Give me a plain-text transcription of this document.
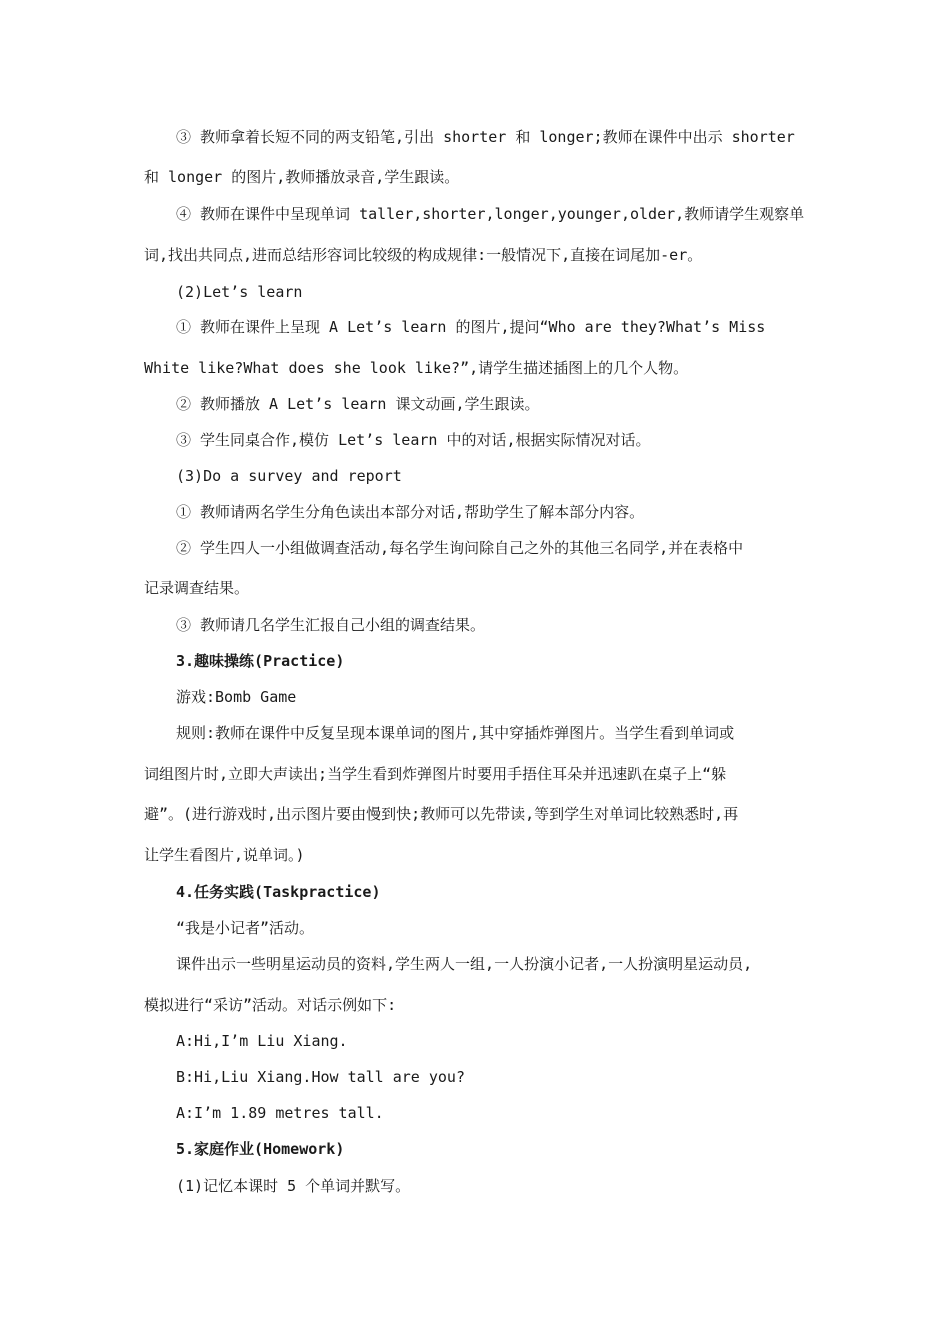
③ 教师拿着长短不同的两支铅笔,引出 shorter 和 longer;教师在课件中出示 shorter
和 longer 的图片,教师播放录音,学生跟读。
④ 教师在课件中呈现单词 taller,shorter,longer,younger,older,教师请学生观察单
词,找出共同点,进而总结形容词比较级的构成规律:一般情况下,直接在词尾加-er。
(2)Let’s learn
① 教师在课件上呈现 A Let’s learn 的图片,提问“Who are they?What’s Miss
White like?What does she look like?”,请学生描述插图上的几个人物。
② 教师播放 A Let’s learn 课文动画,学生跟读。
③ 学生同桌合作,模仿 Let’s learn 中的对话,根据实际情况对话。
(3)Do a survey and report
① 教师请两名学生分角色读出本部分对话,帮助学生了解本部分内容。
② 学生四人一小组做调查活动,每名学生询问除自己之外的其他三名同学,并在表格中
记录调查结果。
③ 教师请几名学生汇报自己小组的调查结果。
3.趣味操练(Practice)
游戏:Bomb Game
规则:教师在课件中反复呈现本课单词的图片,其中穿插炸弹图片。当学生看到单词或
词组图片时,立即大声读出;当学生看到炸弹图片时要用手捂住耳朵并迅速趴在桌子上“躲
避”。(进行游戏时,出示图片要由慢到快;教师可以先带读,等到学生对单词比较熟悉时,再
让学生看图片,说单词。)
4.任务实践(Taskpractice)
“我是小记者”活动。
课件出示一些明星运动员的资料,学生两人一组,一人扮演小记者,一人扮演明星运动员,
模拟进行“采访”活动。对话示例如下:
A:Hi,I’m Liu Xiang.
B:Hi,Liu Xiang.How tall are you?
A:I’m 1.89 metres tall.
5.家庭作业(Homework)
(1)记忆本课时 5 个单词并默写。
